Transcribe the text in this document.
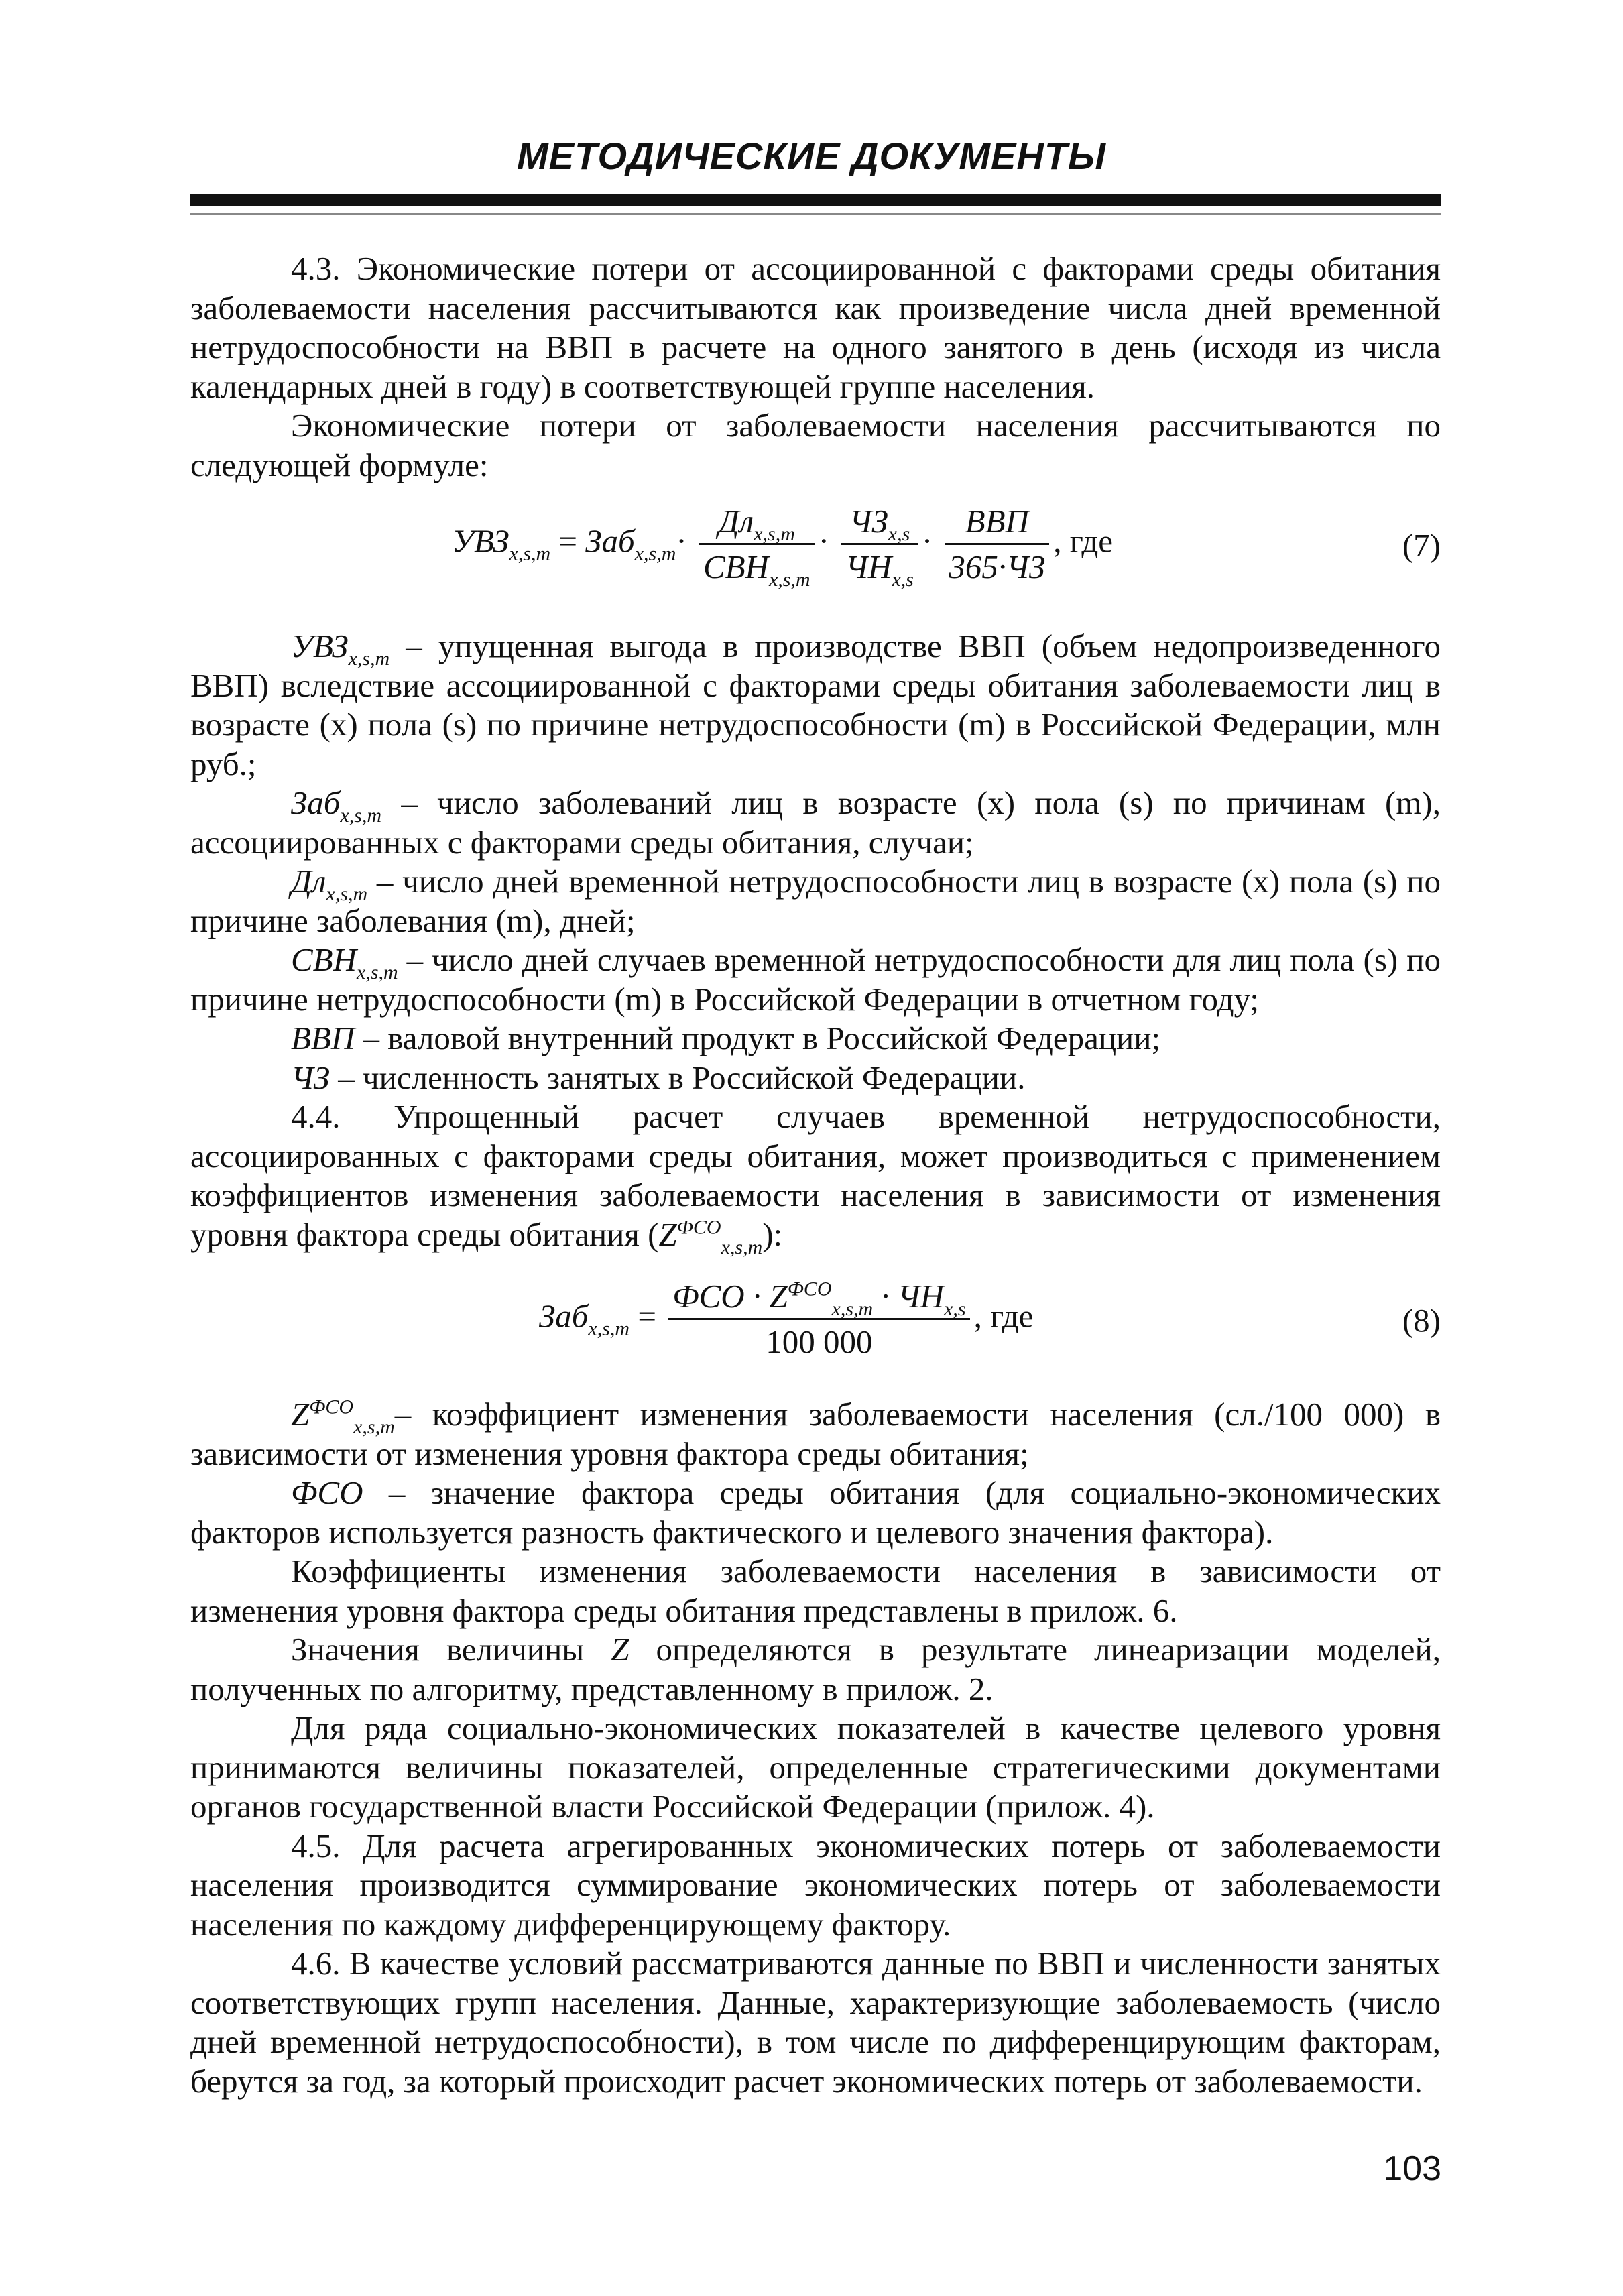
МЕТОДИЧЕСКИЕ ДОКУМЕНТЫ

4.3. Экономические потери от ассоциированной с факторами среды обитания заболеваемости населения рассчитываются как произведение числа дней временной нетрудоспособности на ВВП в расчете на одного занятого в день (исходя из числа календарных дней в году) в соответствующей группе населения.

Экономические потери от заболеваемости населения рассчитываются по следующей формуле:

$УВЗ_{x,s,m} = Заб_{x,s,m}\cdot \frac{Дл_{x,s,m}}{СВН_{x,s,m}} \cdot \frac{ЧЗ_{x,s}}{ЧН_{x,s}} \cdot \frac{\text{ВВП}}{365\cdot ЧЗ}$ , где	(7)

$УВЗ_{x,s,m}$ – упущенная выгода в производстве ВВП (объем недопроизведенного ВВП) вследствие ассоциированной с факторами среды обитания заболеваемости лиц в возрасте (x) пола (s) по причине нетрудоспособности (m) в Российской Федерации, млн руб.;

Заб$_{x,s,m}$ – число заболеваний лиц в возрасте (x) пола (s) по причинам (m), ассоциированных с факторами среды обитания, случаи;

$Дл_{x,s,m}$ – число дней временной нетрудоспособности лиц в возрасте (x) пола (s) по причине заболевания (m), дней;

$СВН_{x,s,m}$ – число дней случаев временной нетрудоспособности для лиц пола (s) по причине нетрудоспособности (m) в Российской Федерации в отчетном году;

ВВП – валовой внутренний продукт в Российской Федерации;

ЧЗ – численность занятых в Российской Федерации.

4.4. Упрощенный расчет случаев временной нетрудоспособности, ассоциированных с факторами среды обитания, может производиться с применением коэффициентов изменения заболеваемости населения в зависимости от изменения уровня фактора среды обитания $(Z^{ФСО}_{x,s,m})$:

$Заб_{x,s,m} = \frac{ФСО \cdot Z^{ФСО}_{x,s,m} \cdot ЧН_{x,s}}{100 000}$ , где	(8)

$Z^{ФСО}_{x,s,m}-$ коэффициент изменения заболеваемости населения (сл./100 000) в зависимости от изменения уровня фактора среды обитания;

ФСО – значение фактора среды обитания (для социально-экономических факторов используется разность фактического и целевого значения фактора).

Коэффициенты изменения заболеваемости населения в зависимости от изменения уровня фактора среды обитания представлены в прилож. 6.

Значения величины Z определяются в результате линеаризации моделей, полученных по алгоритму, представленному в прилож. 2.

Для ряда социально-экономических показателей в качестве целевого уровня принимаются величины показателей, определенные стратегическими документами органов государственной власти Российской Федерации (прилож. 4).

4.5. Для расчета агрегированных экономических потерь от заболеваемости населения производится суммирование экономических потерь от заболеваемости населения по каждому дифференцирующему фактору.

4.6. В качестве условий рассматриваются данные по ВВП и численности занятых соответствующих групп населения. Данные, характеризующие заболеваемость (число дней временной нетрудоспособности), в том числе по дифференцирующим факторам, берутся за год, за который происходит расчет экономических потерь от заболеваемости.

103
